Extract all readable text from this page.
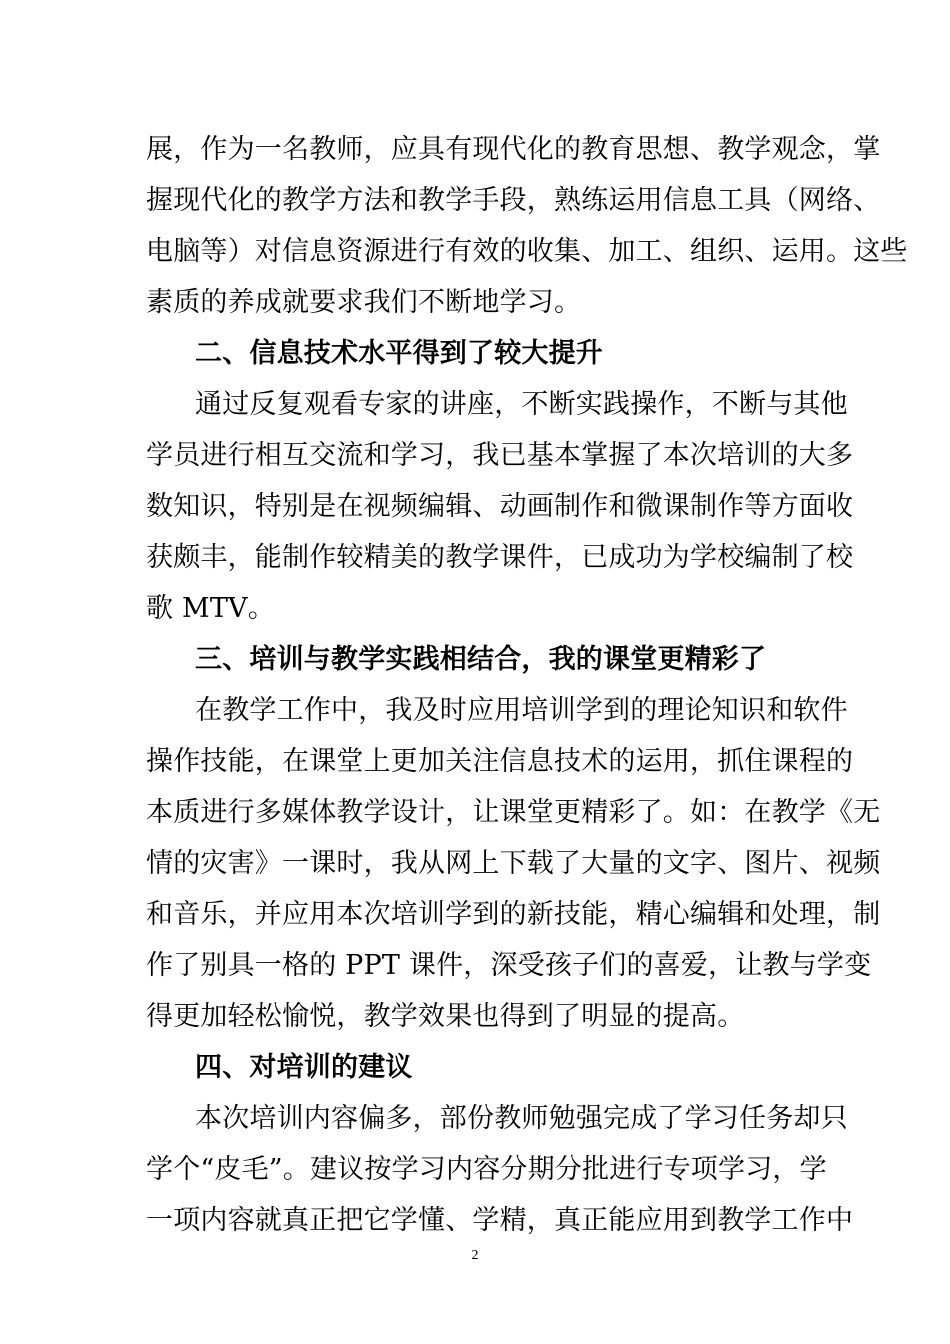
展，作为一名教师，应具有现代化的教育思想、教学观念，掌
握现代化的教学方法和教学手段，熟练运用信息工具（网络、
电脑等）对信息资源进行有效的收集、加工、组织、运用。这些
素质的养成就要求我们不断地学习。
二、信息技术水平得到了较大提升
通过反复观看专家的讲座，不断实践操作，不断与其他
学员进行相互交流和学习，我已基本掌握了本次培训的大多
数知识，特别是在视频编辑、动画制作和微课制作等方面收
获颇丰，能制作较精美的教学课件，已成功为学校编制了校
歌 MTV。
三、培训与教学实践相结合，我的课堂更精彩了
在教学工作中，我及时应用培训学到的理论知识和软件
操作技能，在课堂上更加关注信息技术的运用，抓住课程的
本质进行多媒体教学设计，让课堂更精彩了。如：在教学《无
情的灾害》一课时，我从网上下载了大量的文字、图片、视频
和音乐，并应用本次培训学到的新技能，精心编辑和处理，制
作了别具一格的 PPT 课件，深受孩子们的喜爱，让教与学变
得更加轻松愉悦，教学效果也得到了明显的提高。
四、对培训的建议
本次培训内容偏多，部份教师勉强完成了学习任务却只
学个“皮毛”。建议按学习内容分期分批进行专项学习，学
一项内容就真正把它学懂、学精，真正能应用到教学工作中
2
